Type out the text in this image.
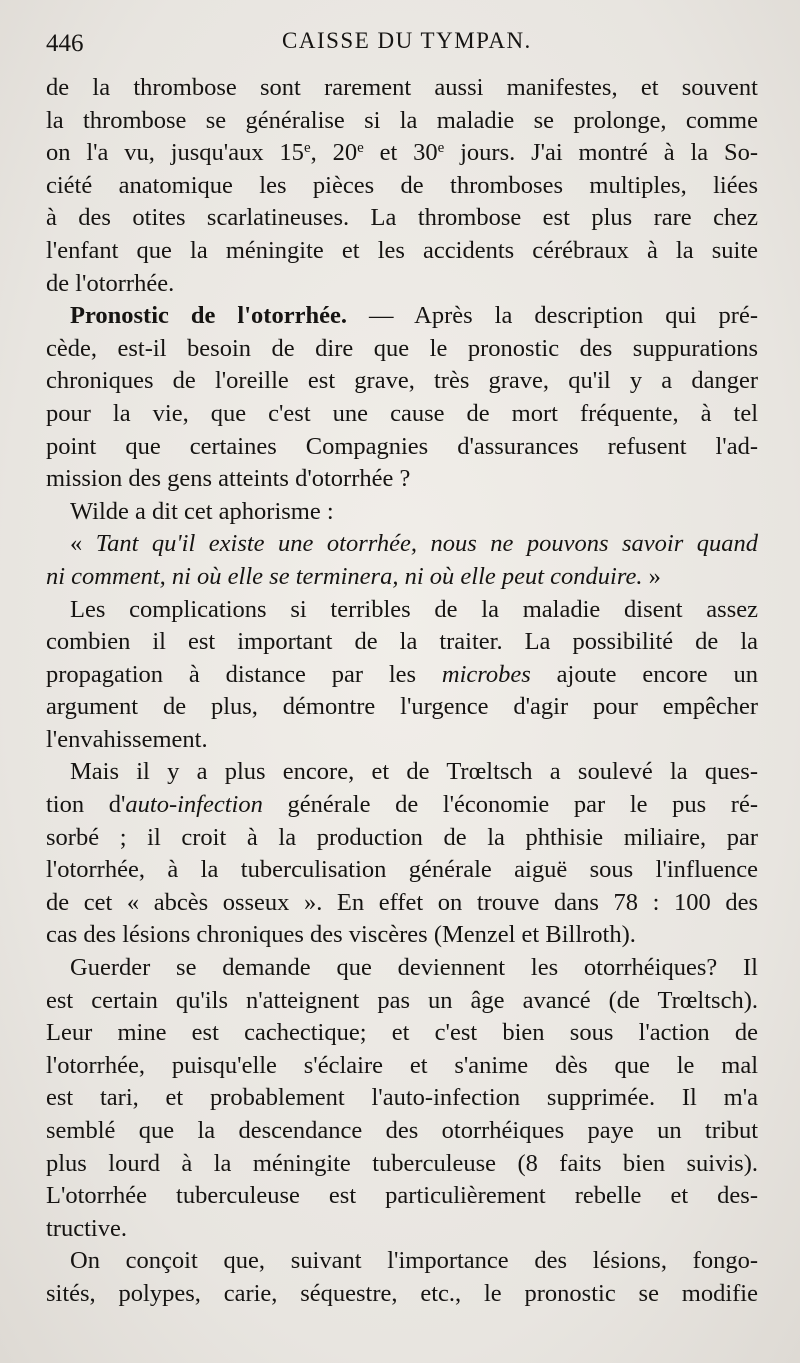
446	CAISSE DU TYMPAN.
de la thrombose sont rarement aussi manifestes, et souvent
la thrombose se généralise si la maladie se prolonge, comme
on l'a vu, jusqu'aux 15e, 20e et 30e jours. J'ai montré à la So-
ciété anatomique les pièces de thromboses multiples, liées
à des otites scarlatineuses. La thrombose est plus rare chez
l'enfant que la méningite et les accidents cérébraux à la suite
de l'otorrhée.
Pronostic de l'otorrhée. — Après la description qui pré-
cède, est-il besoin de dire que le pronostic des suppurations
chroniques de l'oreille est grave, très grave, qu'il y a danger
pour la vie, que c'est une cause de mort fréquente, à tel
point que certaines Compagnies d'assurances refusent l'ad-
mission des gens atteints d'otorrhée ?
Wilde a dit cet aphorisme :
« Tant qu'il existe une otorrhée, nous ne pouvons savoir quand
ni comment, ni où elle se terminera, ni où elle peut conduire. »
Les complications si terribles de la maladie disent assez
combien il est important de la traiter. La possibilité de la
propagation à distance par les microbes ajoute encore un
argument de plus, démontre l'urgence d'agir pour empêcher
l'envahissement.
Mais il y a plus encore, et de Trœltsch a soulevé la ques-
tion d'auto-infection générale de l'économie par le pus ré-
sorbé ; il croit à la production de la phthisie miliaire, par
l'otorrhée, à la tuberculisation générale aiguë sous l'influence
de cet « abcès osseux ». En effet on trouve dans 78 : 100 des
cas des lésions chroniques des viscères (Menzel et Billroth).
Guerder se demande que deviennent les otorrhéiques? Il
est certain qu'ils n'atteignent pas un âge avancé (de Trœltsch).
Leur mine est cachectique; et c'est bien sous l'action de
l'otorrhée, puisqu'elle s'éclaire et s'anime dès que le mal
est tari, et probablement l'auto-infection supprimée. Il m'a
semblé que la descendance des otorrhéiques paye un tribut
plus lourd à la méningite tuberculeuse (8 faits bien suivis).
L'otorrhée tuberculeuse est particulièrement rebelle et des-
tructive.
On conçoit que, suivant l'importance des lésions, fongo-
sités, polypes, carie, séquestre, etc., le pronostic se modifie
